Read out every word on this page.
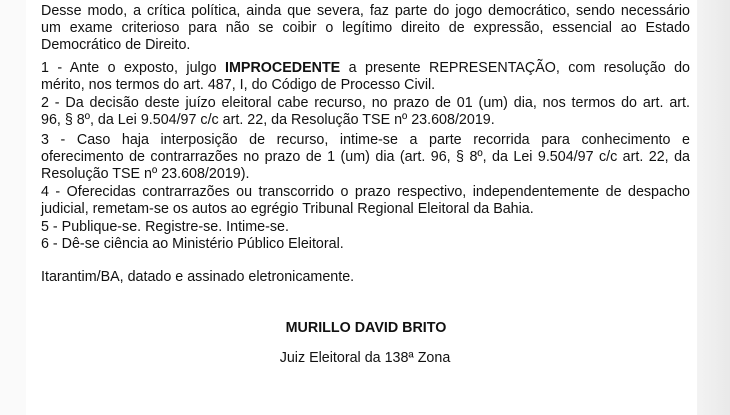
Desse modo, a crítica política, ainda que severa, faz parte do jogo democrático, sendo necessário

um exame criterioso para não se coibir o legítimo direito de expressão, essencial ao Estado

Democrático de Direito.

1 - Ante o exposto, julgo IMPROCEDENTE a presente REPRESENTAÇÃO, com resolução do

mérito, nos termos do art. 487, I, do Código de Processo Civil.

2 - Da decisão deste juízo eleitoral cabe recurso, no prazo de 01 (um) dia, nos termos do art. art.

96, § 8º, da Lei 9.504/97 c/c art. 22, da Resolução TSE nº 23.608/2019.

3 - Caso haja interposição de recurso, intime-se a parte recorrida para conhecimento e

oferecimento de contrarrazões no prazo de 1 (um) dia (art. 96, § 8º, da Lei 9.504/97 c/c art. 22, da

Resolução TSE nº 23.608/2019).

4 - Oferecidas contrarrazões ou transcorrido o prazo respectivo, independentemente de despacho

judicial, remetam-se os autos ao egrégio Tribunal Regional Eleitoral da Bahia.

5 - Publique-se. Registre-se. Intime-se.

6 - Dê-se ciência ao Ministério Público Eleitoral.

Itarantim/BA, datado e assinado eletronicamente.

MURILLO DAVID BRITO
Juiz Eleitoral da 138ª Zona
